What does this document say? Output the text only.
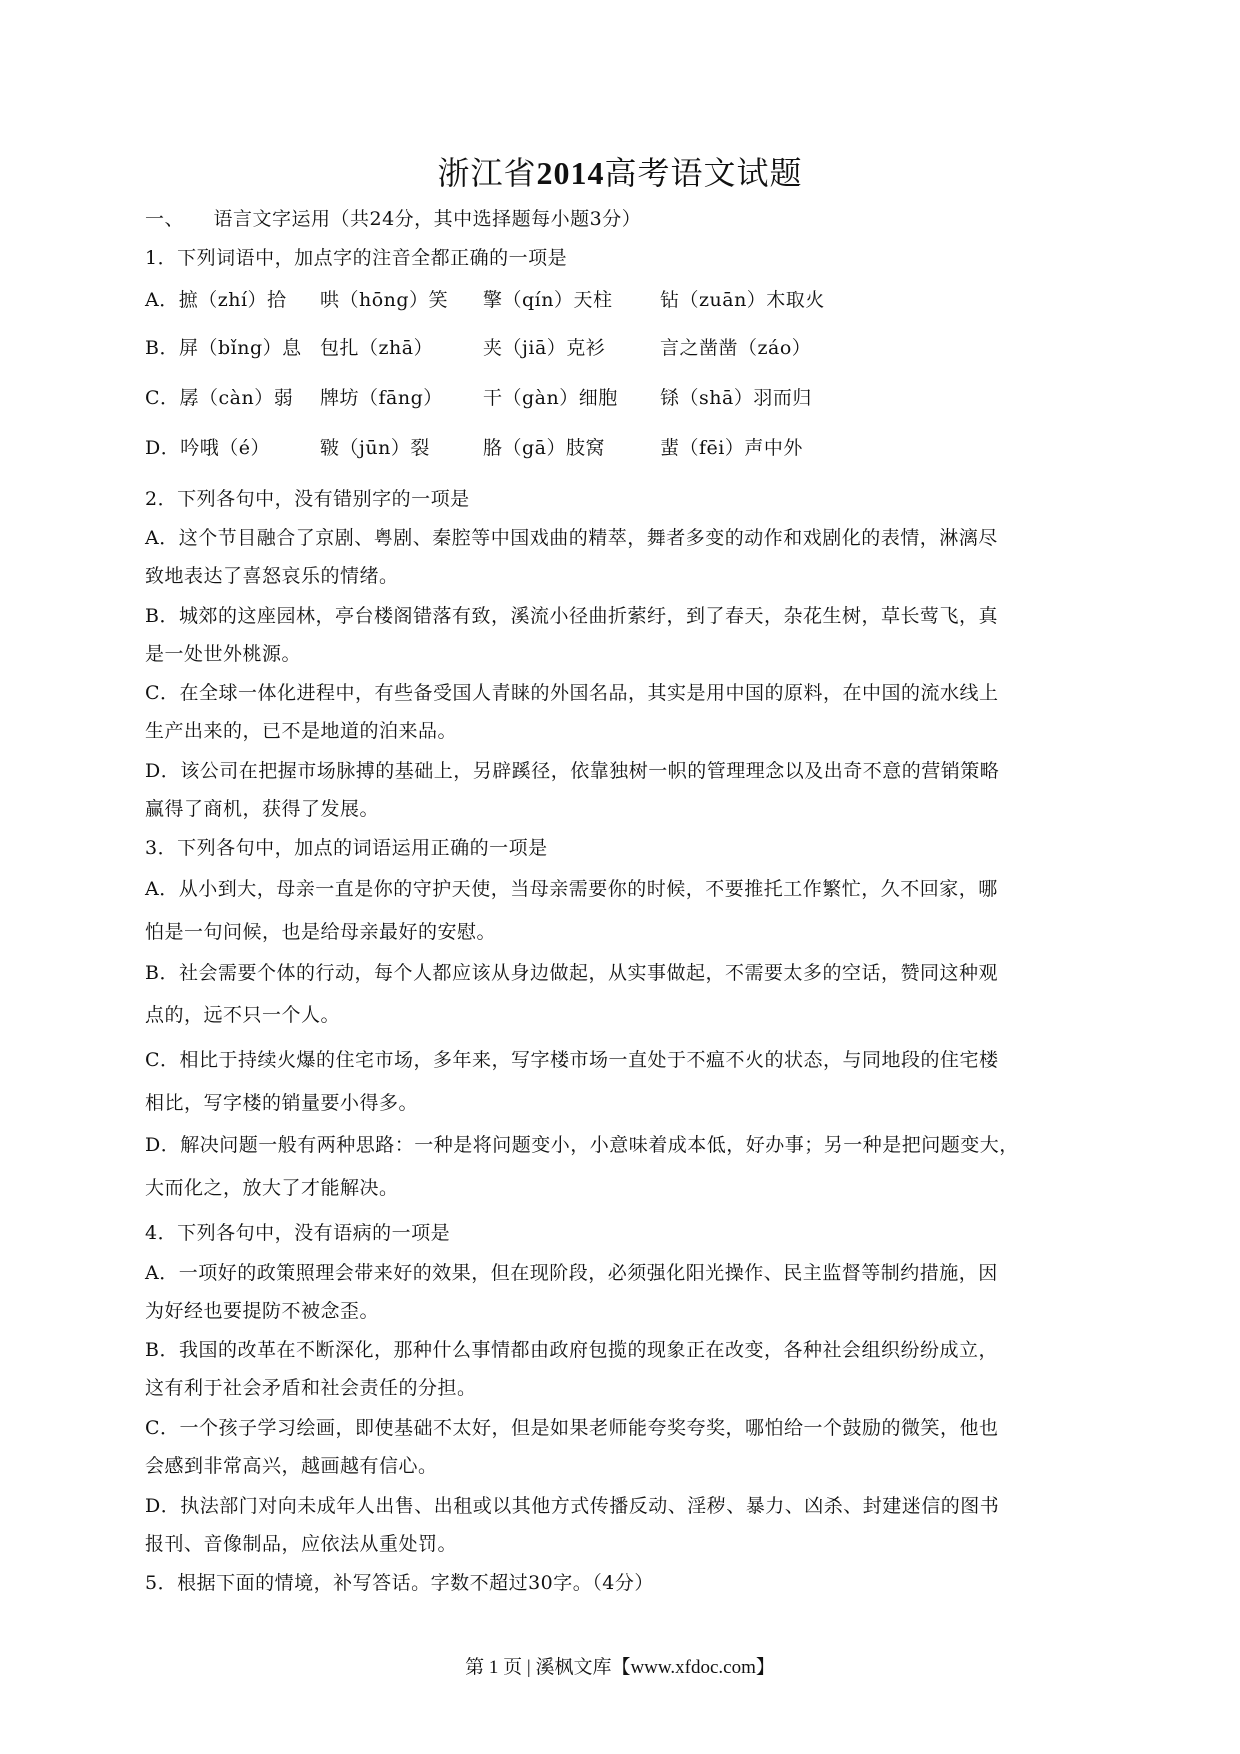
浙江省2014高考语文试题
一、　　语言文字运用（共24分，其中选择题每小题3分）
1．下列词语中，加点字的注音全都正确的一项是
A．摭（zhí）拾 哄（hōng）笑 擎（qín）天柱	钻（zuān）木取火
B．屏（bǐng）息 包扎（zhā）	夹（jiā）克衫	言之凿凿（záo）
C．孱（càn）弱 牌坊（fāng） 干（gàn）细胞 铩（shā）羽而归
D．吟哦（é）	皲（jūn）裂	胳（gā）肢窝	蜚（fēi）声中外
2．下列各句中，没有错别字的一项是
A．这个节目融合了京剧、粤剧、秦腔等中国戏曲的精萃，舞者多变的动作和戏剧化的表情，淋漓尽
致地表达了喜怒哀乐的情绪。
B．城郊的这座园林，亭台楼阁错落有致，溪流小径曲折萦纡，到了春天，杂花生树，草长莺飞，真
是一处世外桃源。
C．在全球一体化进程中，有些备受国人青睐的外国名品，其实是用中国的原料，在中国的流水线上
生产出来的，已不是地道的泊来品。
D．该公司在把握市场脉搏的基础上，另辟蹊径，依靠独树一帜的管理理念以及出奇不意的营销策略
赢得了商机，获得了发展。
3．下列各句中，加点的词语运用正确的一项是
A．从小到大，母亲一直是你的守护天使，当母亲需要你的时候，不要推托工作繁忙，久不回家，哪
怕是一句问候，也是给母亲最好的安慰。
B．社会需要个体的行动，每个人都应该从身边做起，从实事做起，不需要太多的空话，赞同这种观
点的，远不只一个人。
C．相比于持续火爆的住宅市场，多年来，写字楼市场一直处于不瘟不火的状态，与同地段的住宅楼
相比，写字楼的销量要小得多。
D．解决问题一般有两种思路：一种是将问题变小，小意味着成本低，好办事；另一种是把问题变大，
大而化之，放大了才能解决。
4．下列各句中，没有语病的一项是
A．一项好的政策照理会带来好的效果，但在现阶段，必须强化阳光操作、民主监督等制约措施，因
为好经也要提防不被念歪。
B．我国的改革在不断深化，那种什么事情都由政府包揽的现象正在改变，各种社会组织纷纷成立，
这有利于社会矛盾和社会责任的分担。
C．一个孩子学习绘画，即使基础不太好，但是如果老师能夸奖夸奖，哪怕给一个鼓励的微笑，他也
会感到非常高兴，越画越有信心。
D．执法部门对向未成年人出售、出租或以其他方式传播反动、淫秽、暴力、凶杀、封建迷信的图书
报刊、音像制品，应依法从重处罚。
5．根据下面的情境，补写答话。字数不超过30字。（4分）
第 1 页 | 溪枫文库【www.xfdoc.com】
